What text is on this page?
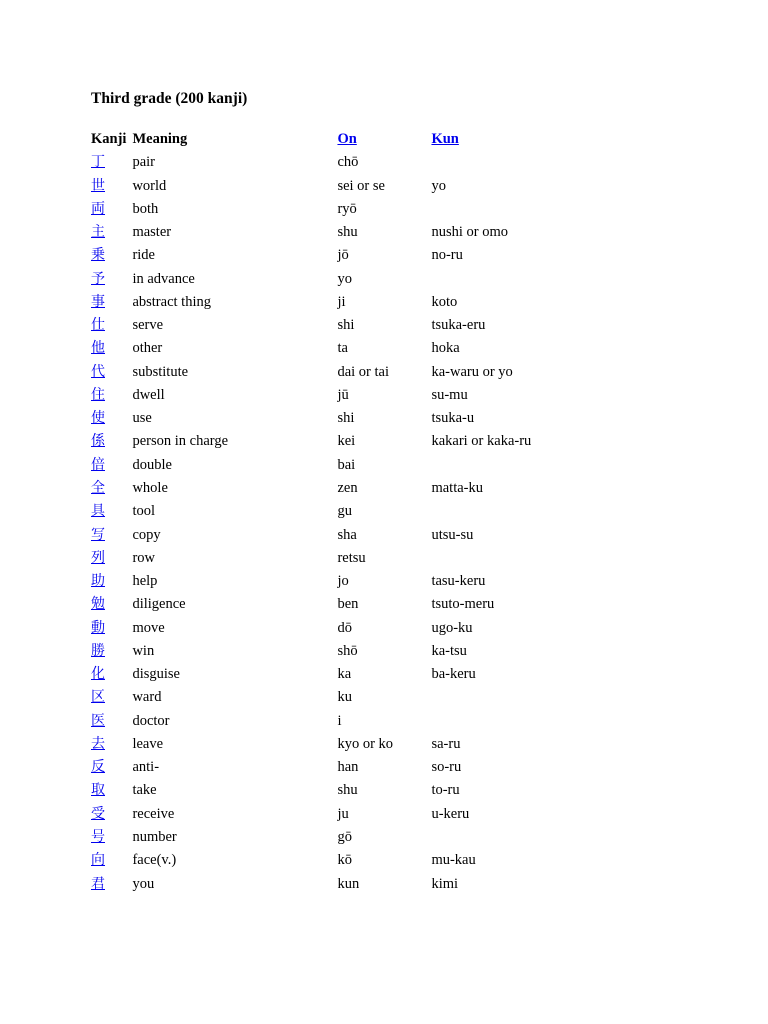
Third grade (200 kanji)
Kanji	Meaning	On	Kun
丁	pair	chō	
世	world	sei or se	yo
両	both	ryō	
主	master	shu	nushi or omo
乗	ride	jō	no-ru
予	in advance	yo	
事	abstract thing	ji	koto
仕	serve	shi	tsuka-eru
他	other	ta	hoka
代	substitute	dai or tai	ka-waru or yo
住	dwell	jū	su-mu
使	use	shi	tsuka-u
係	person in charge	kei	kakari or kaka-ru
倍	double	bai	
全	whole	zen	matta-ku
具	tool	gu	
写	copy	sha	utsu-su
列	row	retsu	
助	help	jo	tasu-keru
勉	diligence	ben	tsuto-meru
動	move	dō	ugo-ku
勝	win	shō	ka-tsu
化	disguise	ka	ba-keru
区	ward	ku	
医	doctor	i	
去	leave	kyo or ko	sa-ru
反	anti-	han	so-ru
取	take	shu	to-ru
受	receive	ju	u-keru
号	number	gō	
向	face(v.)	kō	mu-kau
君	you	kun	kimi
